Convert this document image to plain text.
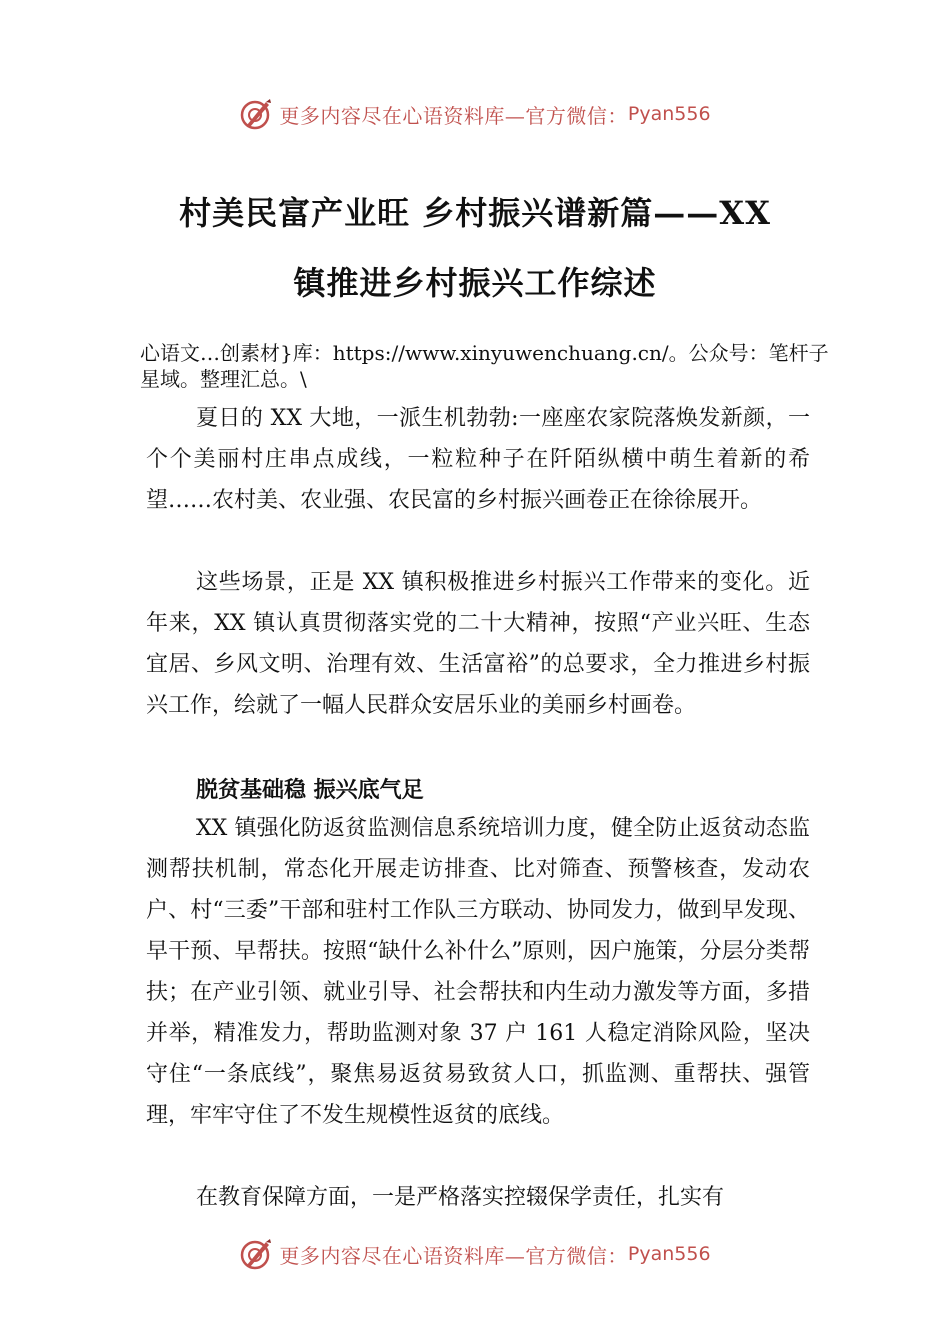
更多内容尽在心语资料库—官方微信： Pyan556
村美民富产业旺 乡村振兴谱新篇——XX
镇推进乡村振兴工作综述
心语文…创素材}库：https://www.xinyuwenchuang.cn/。公众号：笔杆子星域。整理汇总。\

夏日的 XX 大地，一派生机勃勃:一座座农家院落焕发新颜，一个个美丽村庄串点成线，一粒粒种子在阡陌纵横中萌生着新的希望……农村美、农业强、农民富的乡村振兴画卷正在徐徐展开。

这些场景，正是 XX 镇积极推进乡村振兴工作带来的变化。近年来，XX 镇认真贯彻落实党的二十大精神，按照“产业兴旺、生态宜居、乡风文明、治理有效、生活富裕”的总要求，全力推进乡村振兴工作，绘就了一幅人民群众安居乐业的美丽乡村画卷。

脱贫基础稳 振兴底气足

XX 镇强化防返贫监测信息系统培训力度，健全防止返贫动态监测帮扶机制，常态化开展走访排查、比对筛查、预警核查，发动农户、村“三委”干部和驻村工作队三方联动、协同发力，做到早发现、早干预、早帮扶。按照“缺什么补什么”原则，因户施策，分层分类帮扶；在产业引领、就业引导、社会帮扶和内生动力激发等方面，多措并举，精准发力，帮助监测对象 37 户 161 人稳定消除风险，坚决守住“一条底线”，聚焦易返贫易致贫人口，抓监测、重帮扶、强管理，牢牢守住了不发生规模性返贫的底线。

在教育保障方面，一是严格落实控辍保学责任，扎实有

更多内容尽在心语资料库—官方微信： Pyan556
